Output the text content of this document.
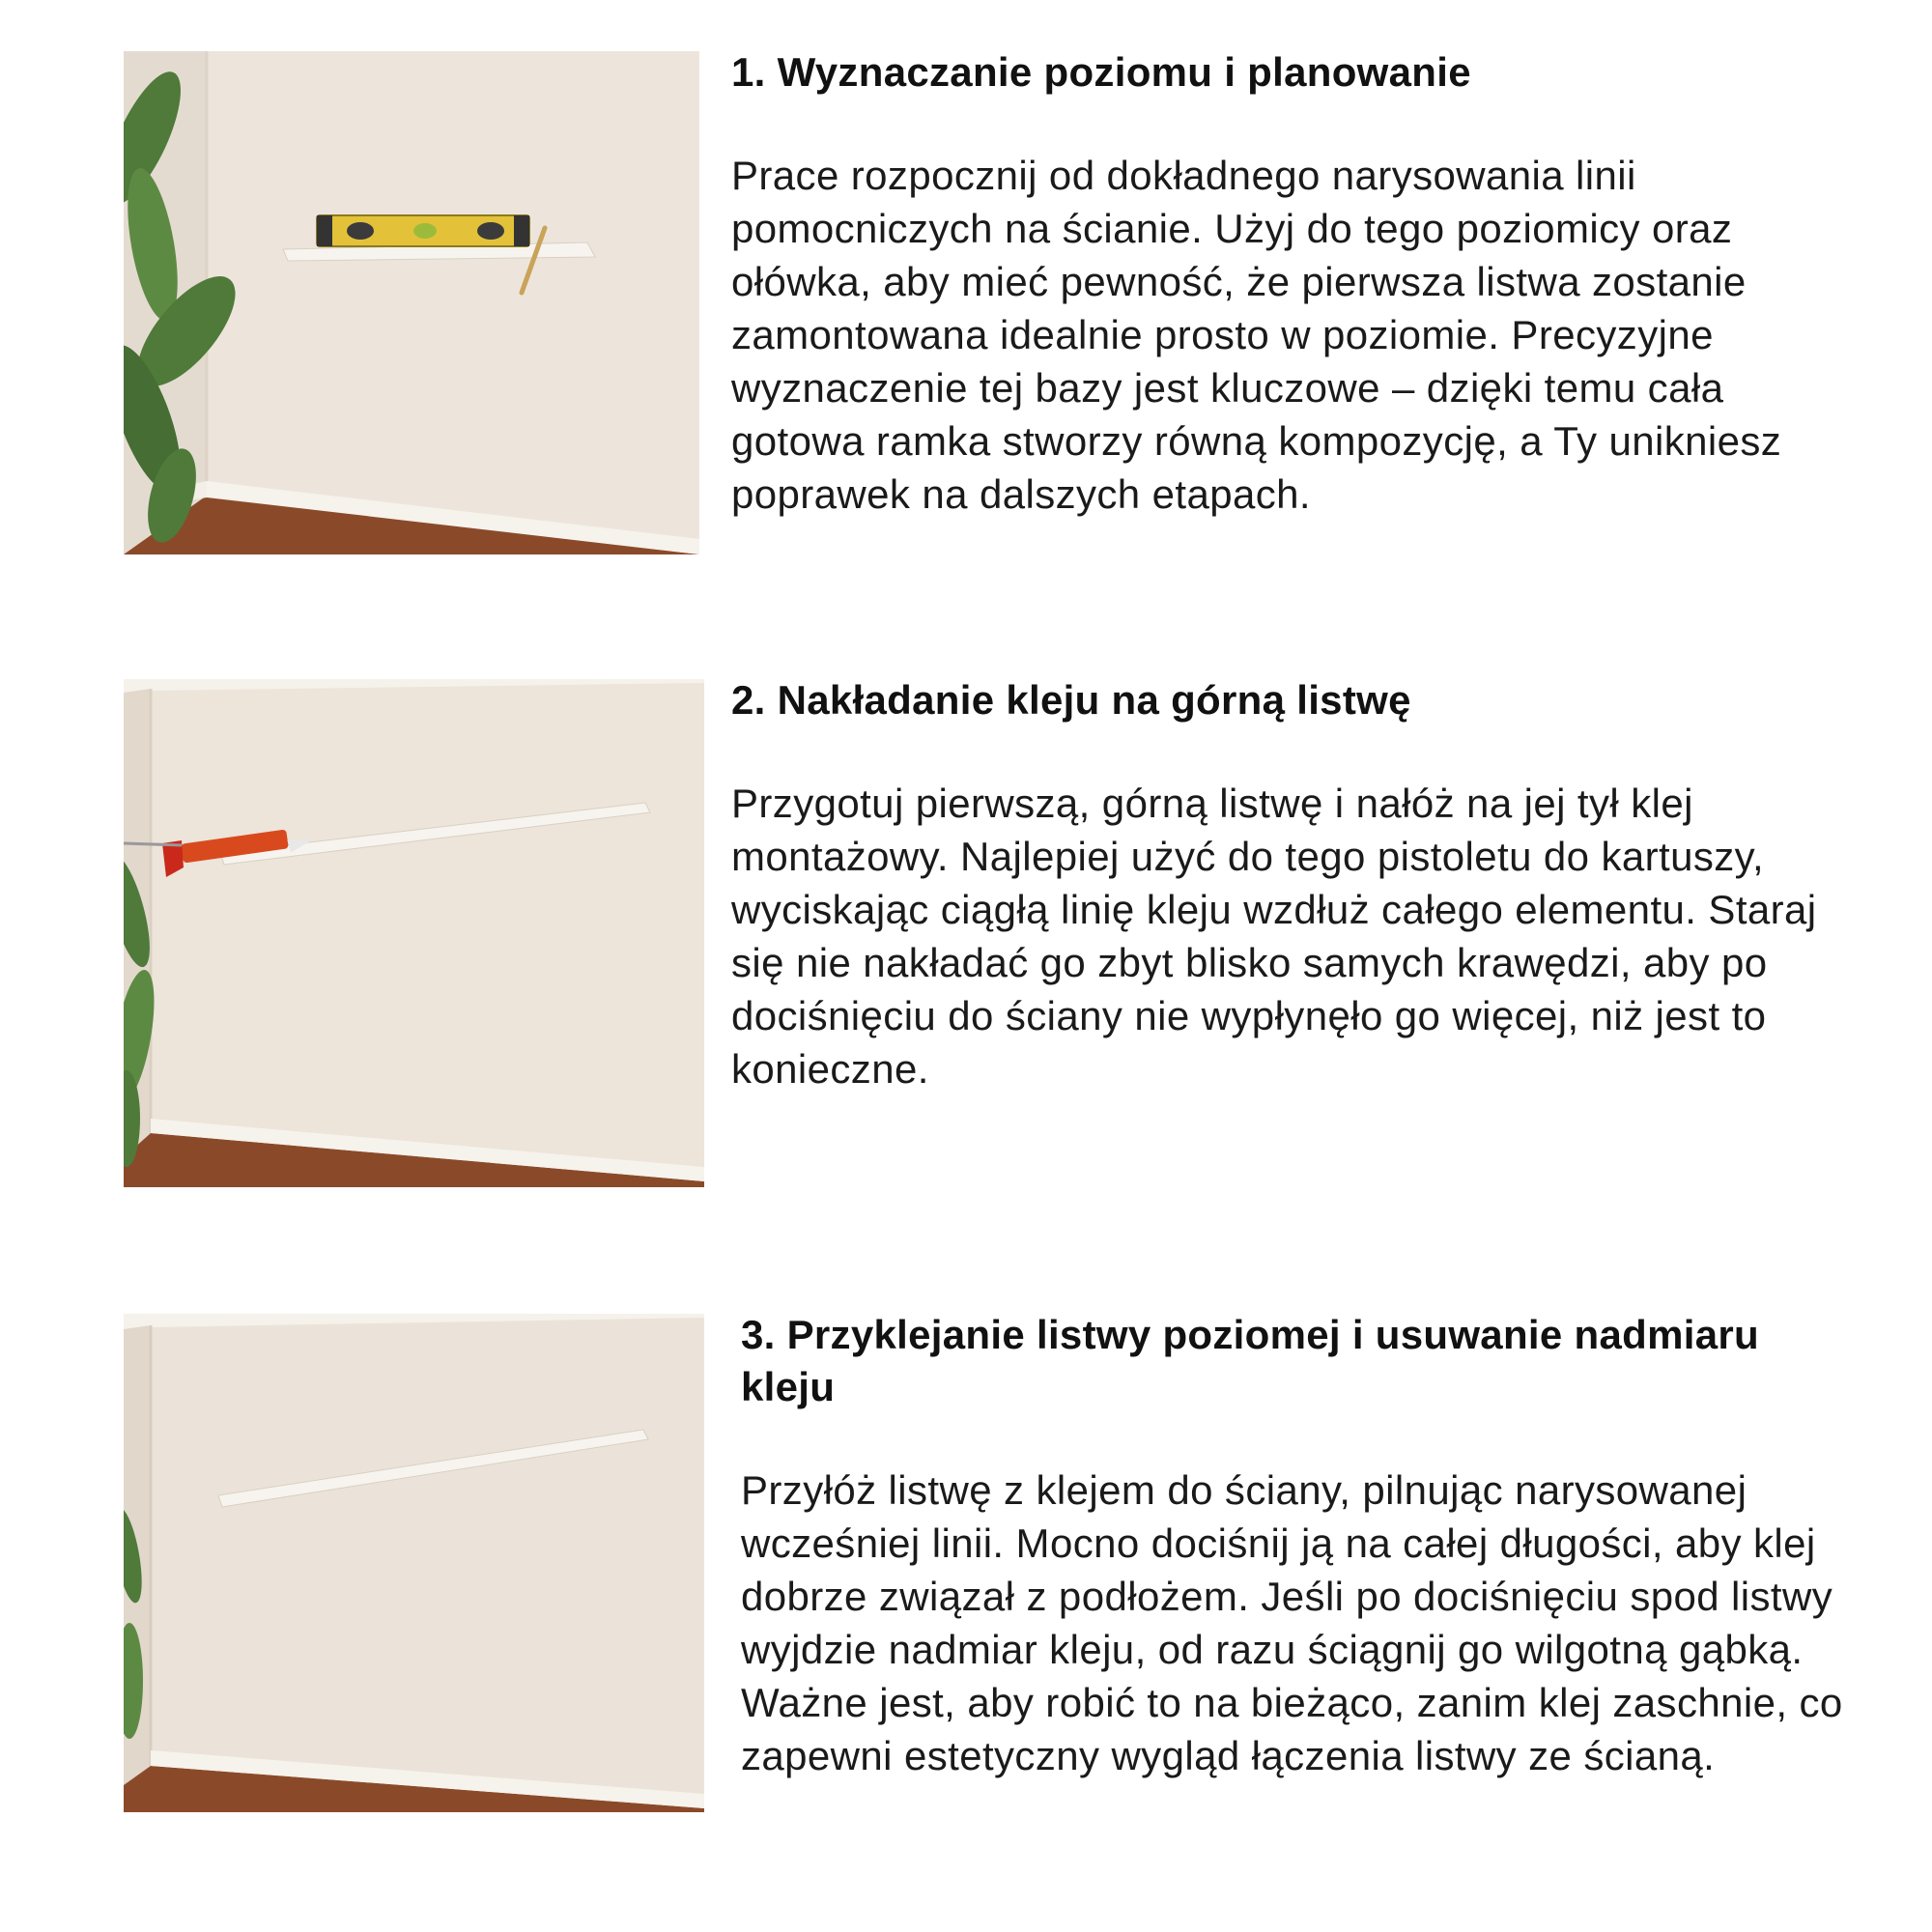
1. Wyznaczanie poziomu i planowanie

Prace rozpocznij od dokładnego narysowania linii pomocniczych na ścianie. Użyj do tego poziomicy oraz ołówka, aby mieć pewność, że pierwsza listwa zostanie zamontowana idealnie prosto w poziomie. Precyzyjne wyznaczenie tej bazy jest kluczowe – dzięki temu cała gotowa ramka stworzy równą kompozycję, a Ty unikniesz poprawek na dalszych etapach.

2. Nakładanie kleju na górną listwę

Przygotuj pierwszą, górną listwę i nałóż na jej tył klej montażowy. Najlepiej użyć do tego pistoletu do kartuszy, wyciskając ciągłą linię kleju wzdłuż całego elementu. Staraj się nie nakładać go zbyt blisko samych krawędzi, aby po dociśnięciu do ściany nie wypłynęło go więcej, niż jest to konieczne.

3. Przyklejanie listwy poziomej i usuwanie nadmiaru kleju

Przyłóż listwę z klejem do ściany, pilnując narysowanej wcześniej linii. Mocno dociśnij ją na całej długości, aby klej dobrze związał z podłożem. Jeśli po dociśnięciu spod listwy wyjdzie nadmiar kleju, od razu ściągnij go wilgotną gąbką. Ważne jest, aby robić to na bieżąco, zanim klej zaschnie, co zapewni estetyczny wygląd łączenia listwy ze ścianą.
